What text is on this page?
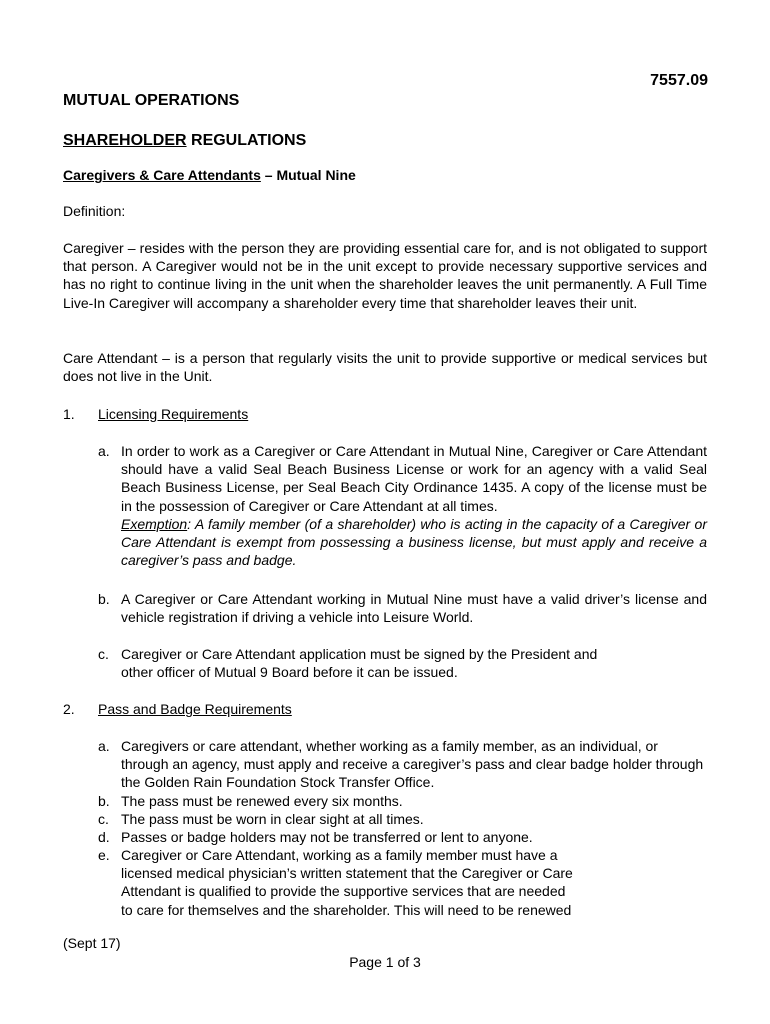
7557.09
MUTUAL OPERATIONS
SHAREHOLDER REGULATIONS
Caregivers & Care Attendants – Mutual Nine
Definition:
Caregiver – resides with the person they are providing essential care for, and is not obligated to support that person. A Caregiver would not be in the unit except to provide necessary supportive services and has no right to continue living in the unit when the shareholder leaves the unit permanently. A Full Time Live-In Caregiver will accompany a shareholder every time that shareholder leaves their unit.
Care Attendant – is a person that regularly visits the unit to provide supportive or medical services but does not live in the Unit.
1. Licensing Requirements
a. In order to work as a Caregiver or Care Attendant in Mutual Nine, Caregiver or Care Attendant should have a valid Seal Beach Business License or work for an agency with a valid Seal Beach Business License, per Seal Beach City Ordinance 1435. A copy of the license must be in the possession of Caregiver or Care Attendant at all times.
Exemption: A family member (of a shareholder) who is acting in the capacity of a Caregiver or Care Attendant is exempt from possessing a business license, but must apply and receive a caregiver’s pass and badge.
b. A Caregiver or Care Attendant working in Mutual Nine must have a valid driver’s license and vehicle registration if driving a vehicle into Leisure World.
c. Caregiver or Care Attendant application must be signed by the President and
other officer of Mutual 9 Board before it can be issued.
2. Pass and Badge Requirements
a. Caregivers or care attendant, whether working as a family member, as an individual, or through an agency, must apply and receive a caregiver’s pass and clear badge holder through the Golden Rain Foundation Stock Transfer Office.
b. The pass must be renewed every six months.
c. The pass must be worn in clear sight at all times.
d. Passes or badge holders may not be transferred or lent to anyone.
e. Caregiver or Care Attendant, working as a family member must have a
licensed medical physician’s written statement that the Caregiver or Care
Attendant is qualified to provide the supportive services that are needed
to care for themselves and the shareholder. This will need to be renewed
(Sept 17)
Page 1 of 3
